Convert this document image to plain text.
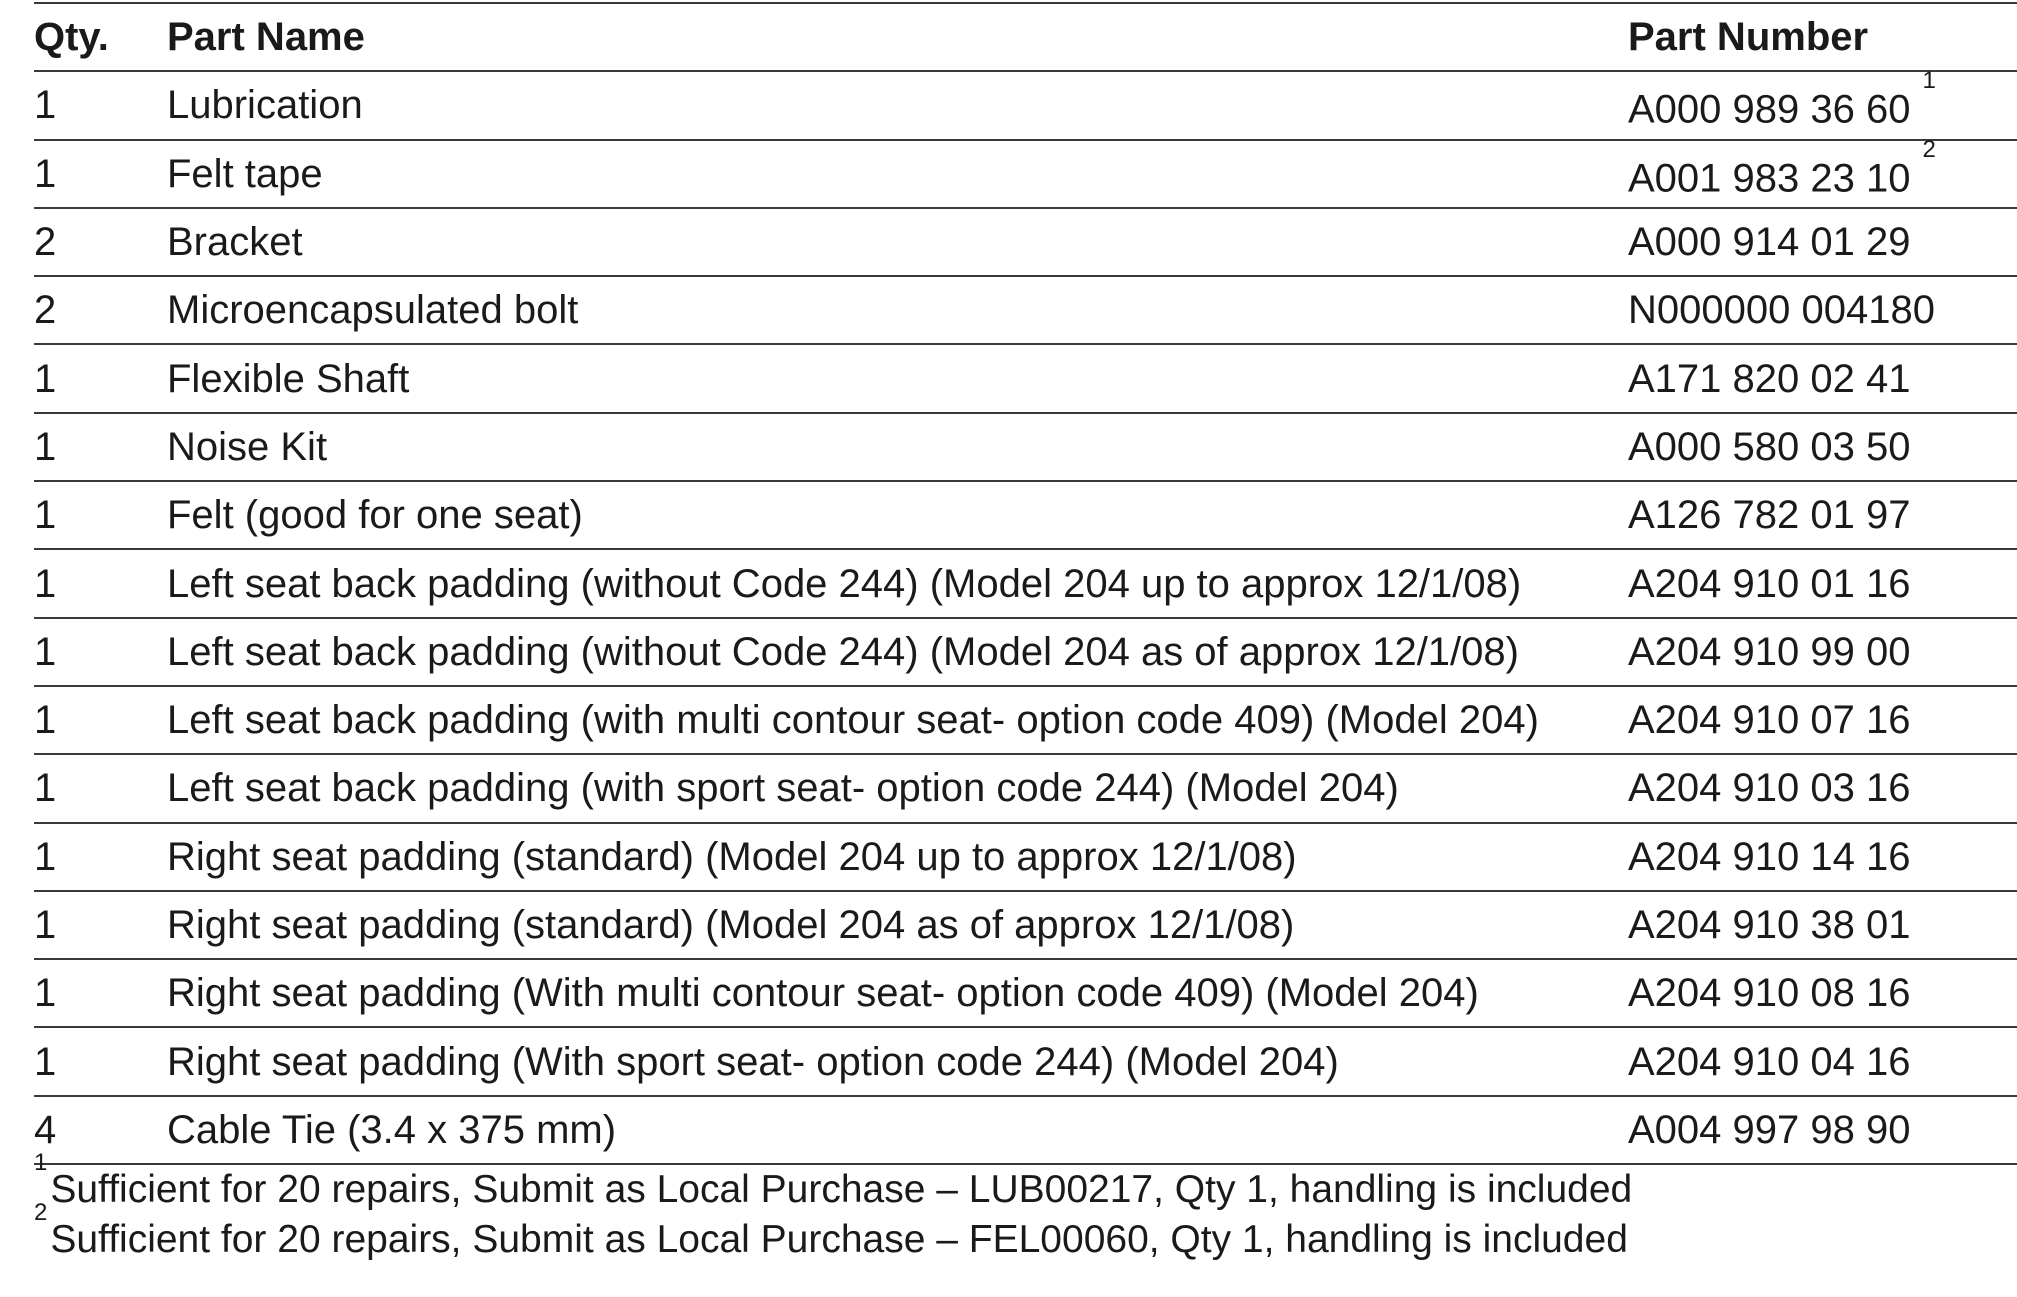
Qty.	Part Name	Part Number
1	Lubrication	A000 989 36 60$^1$
1	Felt tape	A001 983 23 10$^2$
2	Bracket	A000 914 01 29
2	Microencapsulated bolt	N000000 004180
1	Flexible Shaft	A171 820 02 41
1	Noise Kit	A000 580 03 50
1	Felt (good for one seat)	A126 782 01 97
1	Left seat back padding (without Code 244) (Model 204 up to approx 12/1/08)	A204 910 01 16
1	Left seat back padding (without Code 244) (Model 204 as of approx 12/1/08)	A204 910 99 00
1	Left seat back padding (with multi contour seat- option code 409) (Model 204)	A204 910 07 16
1	Left seat back padding (with sport seat- option code 244) (Model 204)	A204 910 03 16
1	Right seat padding (standard) (Model 204 up to approx 12/1/08)	A204 910 14 16
1	Right seat padding (standard) (Model 204 as of approx 12/1/08)	A204 910 38 01
1	Right seat padding (With multi contour seat- option code 409) (Model 204)	A204 910 08 16
1	Right seat padding (With sport seat- option code 244) (Model 204)	A204 910 04 16
4	Cable Tie (3.4 x 375 mm)	A004 997 98 90
$^1$Sufficient for 20 repairs, Submit as Local Purchase – LUB00217, Qty 1, handling is included
$^2$Sufficient for 20 repairs, Submit as Local Purchase – FEL00060, Qty 1, handling is included
